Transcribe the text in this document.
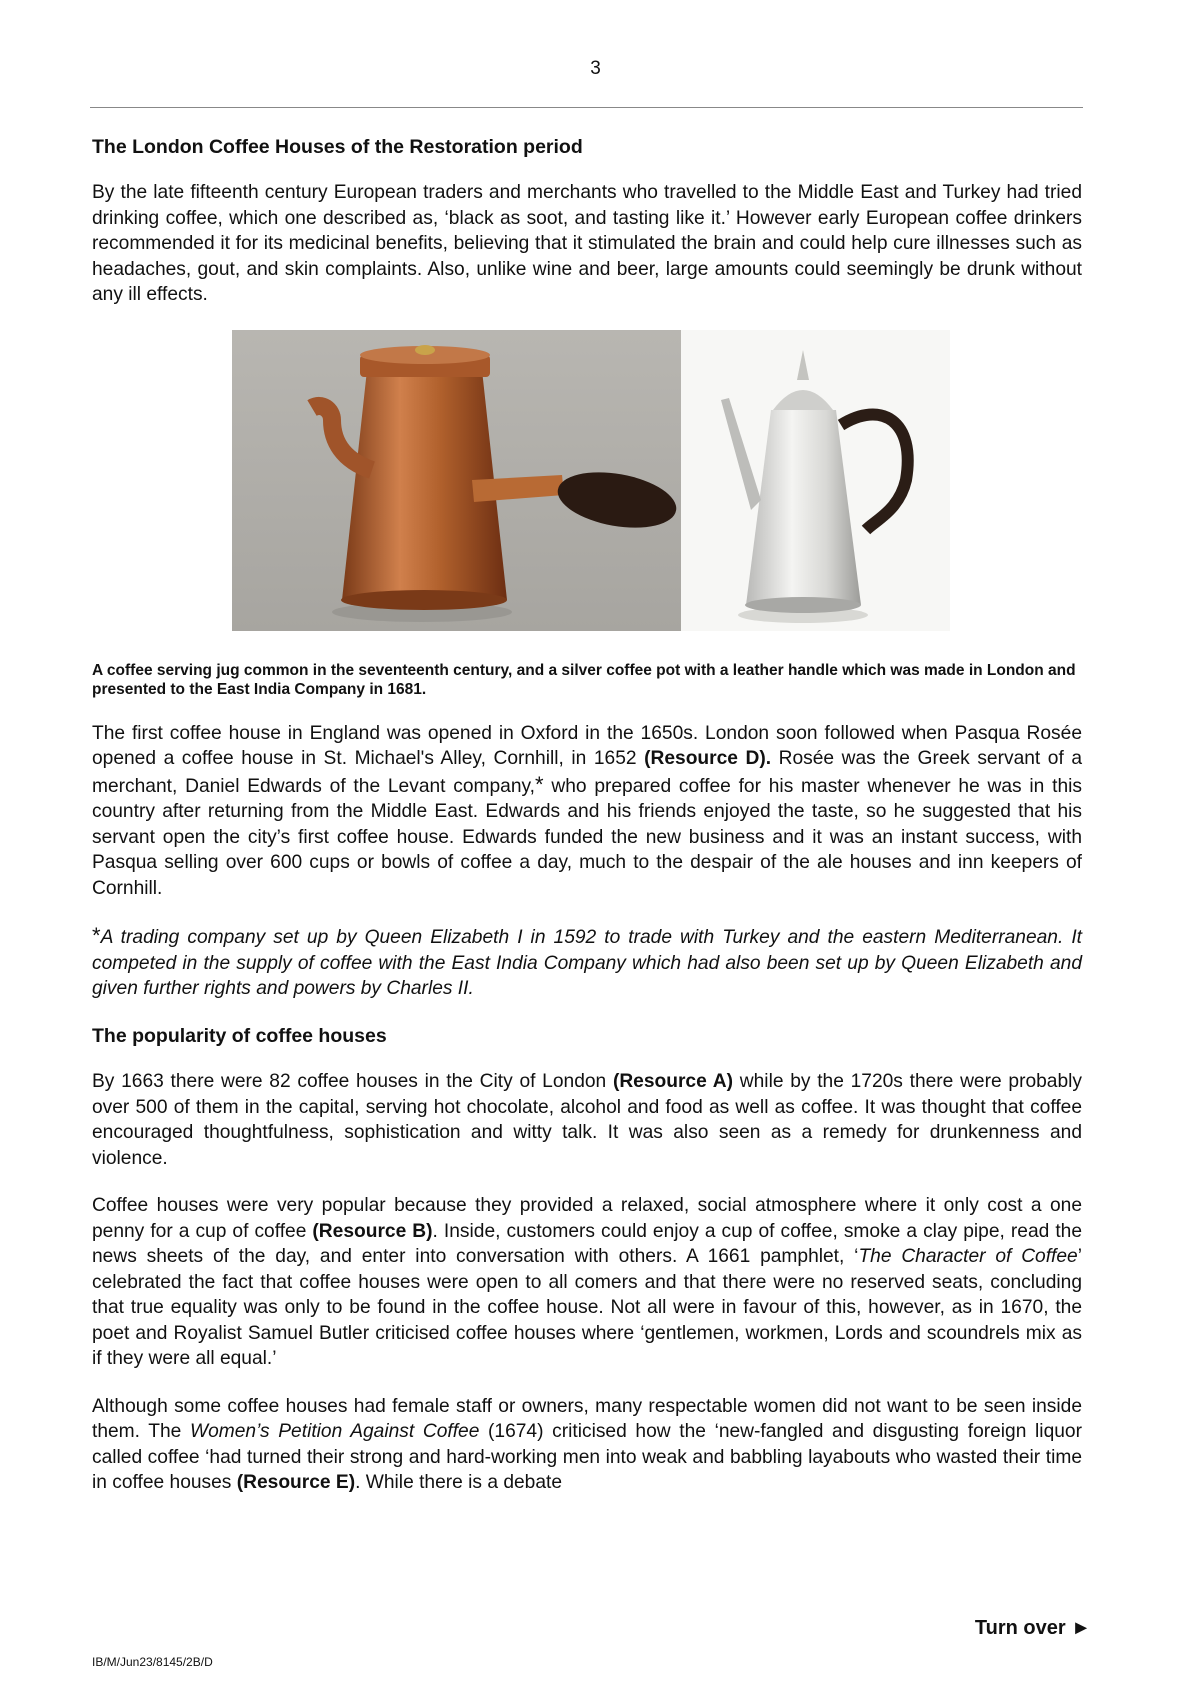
3
The London Coffee Houses of the Restoration period

By the late fifteenth century European traders and merchants who travelled to the Middle East and Turkey had tried drinking coffee, which one described as, ‘black as soot, and tasting like it.’ However early European coffee drinkers recommended it for its medicinal benefits, believing that it stimulated the brain and could help cure illnesses such as headaches, gout, and skin complaints. Also, unlike wine and beer, large amounts could seemingly be drunk without any ill effects.

A coffee serving jug common in the seventeenth century, and a silver coffee pot with a leather handle which was made in London and presented to the East India Company in 1681.

The first coffee house in England was opened in Oxford in the 1650s. London soon followed when Pasqua Rosée opened a coffee house in St. Michael's Alley, Cornhill, in 1652 (Resource D). Rosée was the Greek servant of a merchant, Daniel Edwards of the Levant company,* who prepared coffee for his master whenever he was in this country after returning from the Middle East. Edwards and his friends enjoyed the taste, so he suggested that his servant open the city’s first coffee house. Edwards funded the new business and it was an instant success, with Pasqua selling over 600 cups or bowls of coffee a day, much to the despair of the ale houses and inn keepers of Cornhill.

*A trading company set up by Queen Elizabeth I in 1592 to trade with Turkey and the eastern Mediterranean. It competed in the supply of coffee with the East India Company which had also been set up by Queen Elizabeth and given further rights and powers by Charles II.

The popularity of coffee houses

By 1663 there were 82 coffee houses in the City of London (Resource A) while by the 1720s there were probably over 500 of them in the capital, serving hot chocolate, alcohol and food as well as coffee. It was thought that coffee encouraged thoughtfulness, sophistication and witty talk. It was also seen as a remedy for drunkenness and violence.

Coffee houses were very popular because they provided a relaxed, social atmosphere where it only cost a one penny for a cup of coffee (Resource B). Inside, customers could enjoy a cup of coffee, smoke a clay pipe, read the news sheets of the day, and enter into conversation with others. A 1661 pamphlet, ‘The Character of Coffee’ celebrated the fact that coffee houses were open to all comers and that there were no reserved seats, concluding that true equality was only to be found in the coffee house. Not all were in favour of this, however, as in 1670, the poet and Royalist Samuel Butler criticised coffee houses where ‘gentlemen, workmen, Lords and scoundrels mix as if they were all equal.’

Although some coffee houses had female staff or owners, many respectable women did not want to be seen inside them. The Women’s Petition Against Coffee (1674) criticised how the ‘new-fangled and disgusting foreign liquor called coffee ‘had turned their strong and hard-working men into weak and babbling layabouts who wasted their time in coffee houses (Resource E). While there is a debate

Turn over ►
IB/M/Jun23/8145/2B/D
